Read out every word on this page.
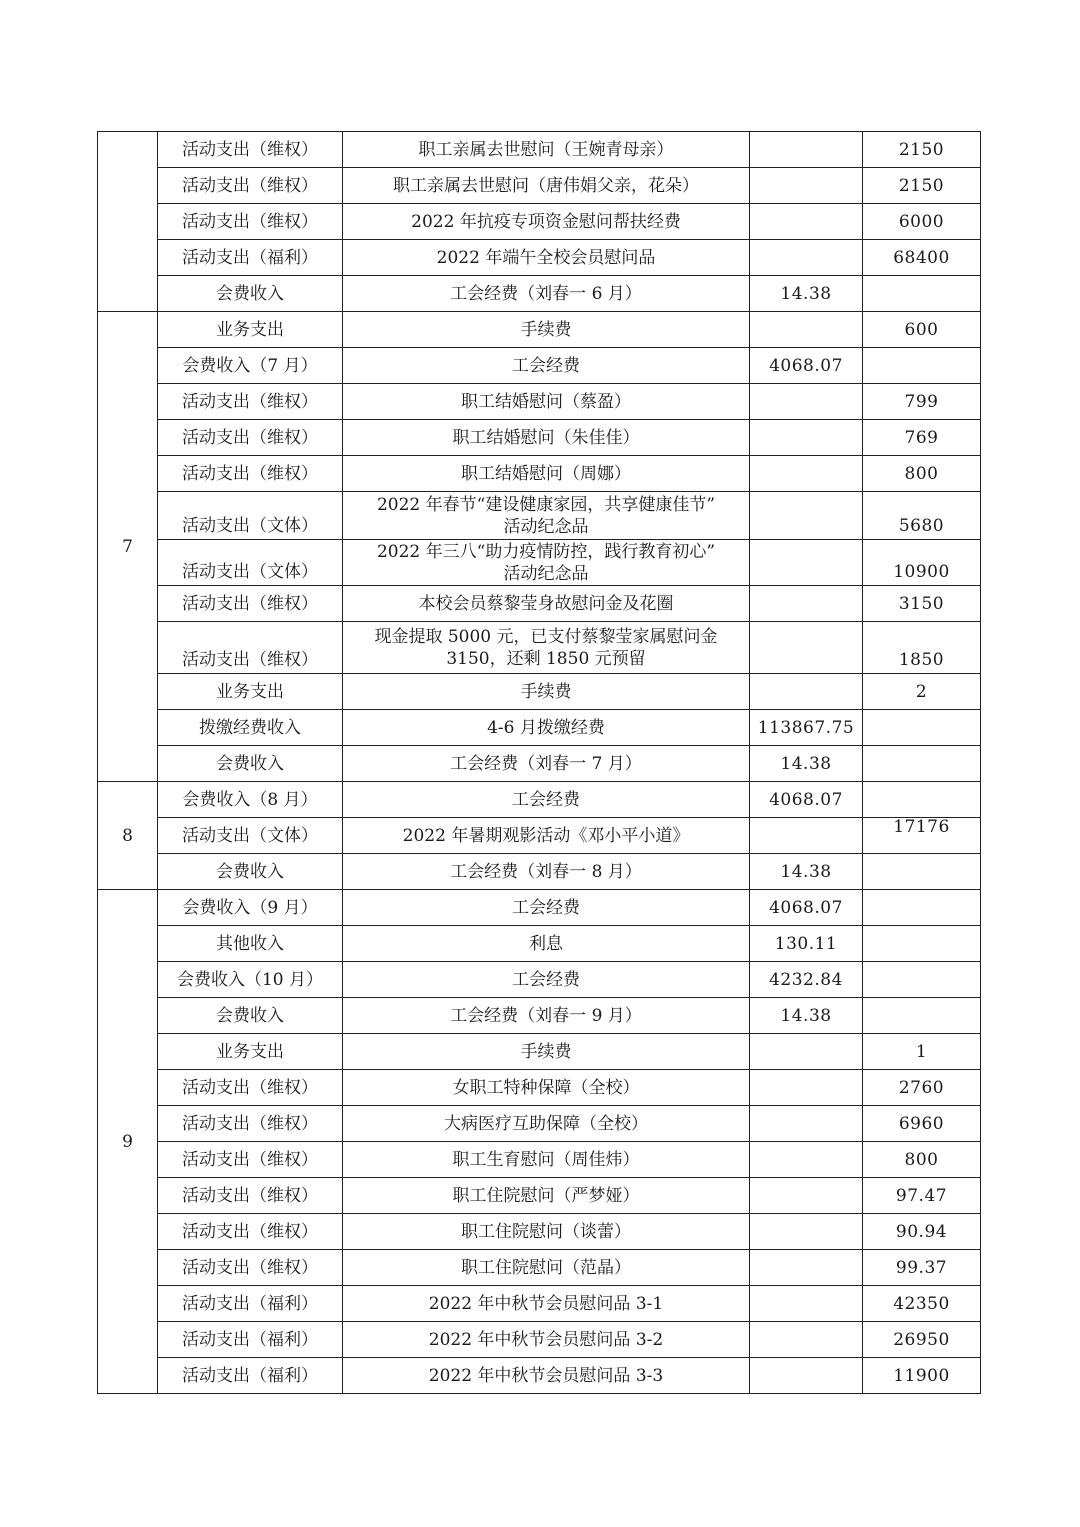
	活动支出（维权）	职工亲属去世慰问（王婉青母亲）		2150
	活动支出（维权）	职工亲属去世慰问（唐伟娟父亲，花朵）		2150
	活动支出（维权）	2022 年抗疫专项资金慰问帮扶经费		6000
	活动支出（福利）	2022 年端午全校会员慰问品		68400
	会费收入	工会经费（刘春一 6 月）	14.38	
7	业务支出	手续费		600
	会费收入（7 月）	工会经费	4068.07	
	活动支出（维权）	职工结婚慰问（蔡盈）		799
	活动支出（维权）	职工结婚慰问（朱佳佳）		769
	活动支出（维权）	职工结婚慰问（周娜）		800
	活动支出（文体）	2022 年春节“建设健康家园，共享健康佳节”
活动纪念品		5680
	活动支出（文体）	2022 年三八“助力疫情防控，践行教育初心”
活动纪念品		10900
	活动支出（维权）	本校会员蔡黎莹身故慰问金及花圈		3150
	活动支出（维权）	现金提取 5000 元，已支付蔡黎莹家属慰问金
3150，还剩 1850 元预留		1850
	业务支出	手续费		2
	拨缴经费收入	4-6 月拨缴经费	113867.75	
	会费收入	工会经费（刘春一 7 月）	14.38	
8	会费收入（8 月）	工会经费	4068.07	
	活动支出（文体）	2022 年暑期观影活动《邓小平小道》		17176
	会费收入	工会经费（刘春一 8 月）	14.38	
9	会费收入（9 月）	工会经费	4068.07	
	其他收入	利息	130.11	
	会费收入（10 月）	工会经费	4232.84	
	会费收入	工会经费（刘春一 9 月）	14.38	
	业务支出	手续费		1
	活动支出（维权）	女职工特种保障（全校）		2760
	活动支出（维权）	大病医疗互助保障（全校）		6960
	活动支出（维权）	职工生育慰问（周佳炜）		800
	活动支出（维权）	职工住院慰问（严梦娅）		97.47
	活动支出（维权）	职工住院慰问（谈蕾）		90.94
	活动支出（维权）	职工住院慰问（范晶）		99.37
	活动支出（福利）	2022 年中秋节会员慰问品 3-1		42350
	活动支出（福利）	2022 年中秋节会员慰问品 3-2		26950
	活动支出（福利）	2022 年中秋节会员慰问品 3-3		11900
